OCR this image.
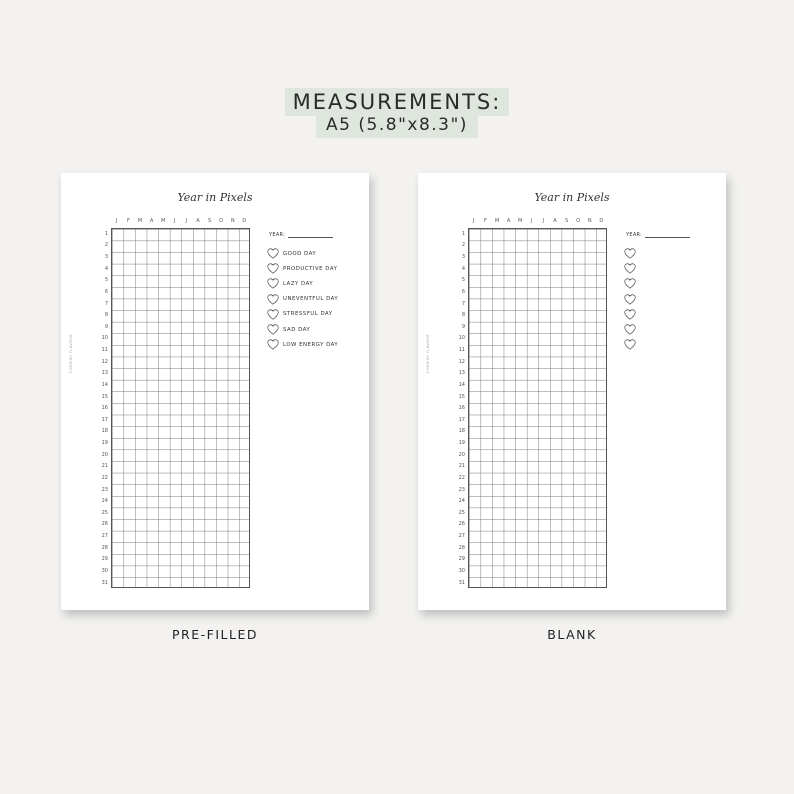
MEASUREMENTS:
A5 (5.8"x8.3")
Year in Pixels
J	F	M	A	M	J	J	A	S	O	N	D
1
2
3
4
5
6
7
8
9
10
11
12
13
14
15
16
17
18
19
20
21
22
23
24
25
26
27
28
29
30
31
CHERISH FLAVOUR
YEAR:
GOOD DAY
PRODUCTIVE DAY
LAZY DAY
UNEVENTFUL DAY
STRESSFUL DAY
SAD DAY
LOW ENERGY DAY
Year in Pixels
J	F	M	A	M	J	J	A	S	O	N	D
1
2
3
4
5
6
7
8
9
10
11
12
13
14
15
16
17
18
19
20
21
22
23
24
25
26
27
28
29
30
31
CHERISH FLAVOUR
YEAR:
PRE-FILLED	BLANK
